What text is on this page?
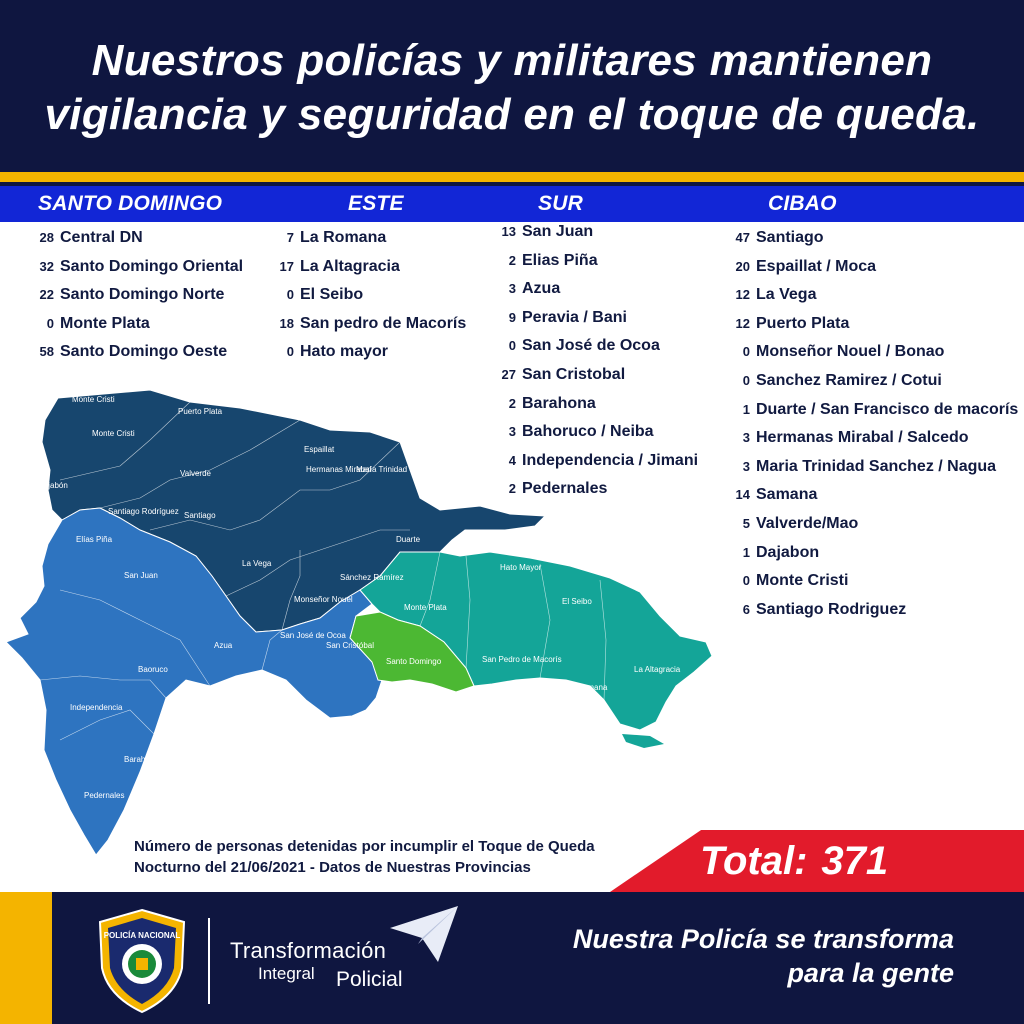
Nuestros policías y militares mantienen
vigilancia y seguridad en el toque de queda.
SANTO DOMINGO	ESTE	SUR	CIBAO
28 Central DN
32 Santo Domingo Oriental
22 Santo Domingo Norte
0 Monte Plata
58 Santo Domingo Oeste
7 La Romana
17 La Altagracia
0 El Seibo
18 San pedro de Macorís
0 Hato mayor
13 San Juan
2 Elias Piña
3 Azua
9 Peravia / Bani
0 San José de Ocoa
27 San Cristobal
2 Barahona
3 Bahoruco / Neiba
4 Independencia / Jimani
2 Pedernales
47 Santiago
20 Espaillat / Moca
12 La Vega
12 Puerto Plata
0 Monseñor Nouel / Bonao
0 Sanchez Ramirez / Cotui
1 Duarte / San Francisco de macorís
3 Hermanas Mirabal / Salcedo
3 Maria Trinidad Sanchez / Nagua
14 Samana
5 Valverde/Mao
1 Dajabon
0 Monte Cristi
6 Santiago Rodriguez
Monte Cristi
Puerto Plata
Monte Cristi
Dajabón
Valverde
Espaillat
Hermanas Mirabal
María Trinidad Sánchez
Santiago Rodríguez Santiago
Samaná
Duarte
La Vega
Sánchez Ramírez
Monseñor Nouel
Elías Piña
San Juan
Azua
Baoruco
Independencia
Barahona
Pedernales
San José de Ocoa
San Cristóbal
Peravia
Monte Plata
Hato Mayor
El Seibo
La Altagracia
Santo Domingo	San Pedro de Macorís
La Romana
Número de personas detenidas por incumplir el Toque de Queda
Nocturno del 21/06/2021 - Datos de Nuestras Provincias	Total: 371
POLICÍA NACIONAL
Transformación
Integral Policial
Nuestra Policía se transforma
para la gente
